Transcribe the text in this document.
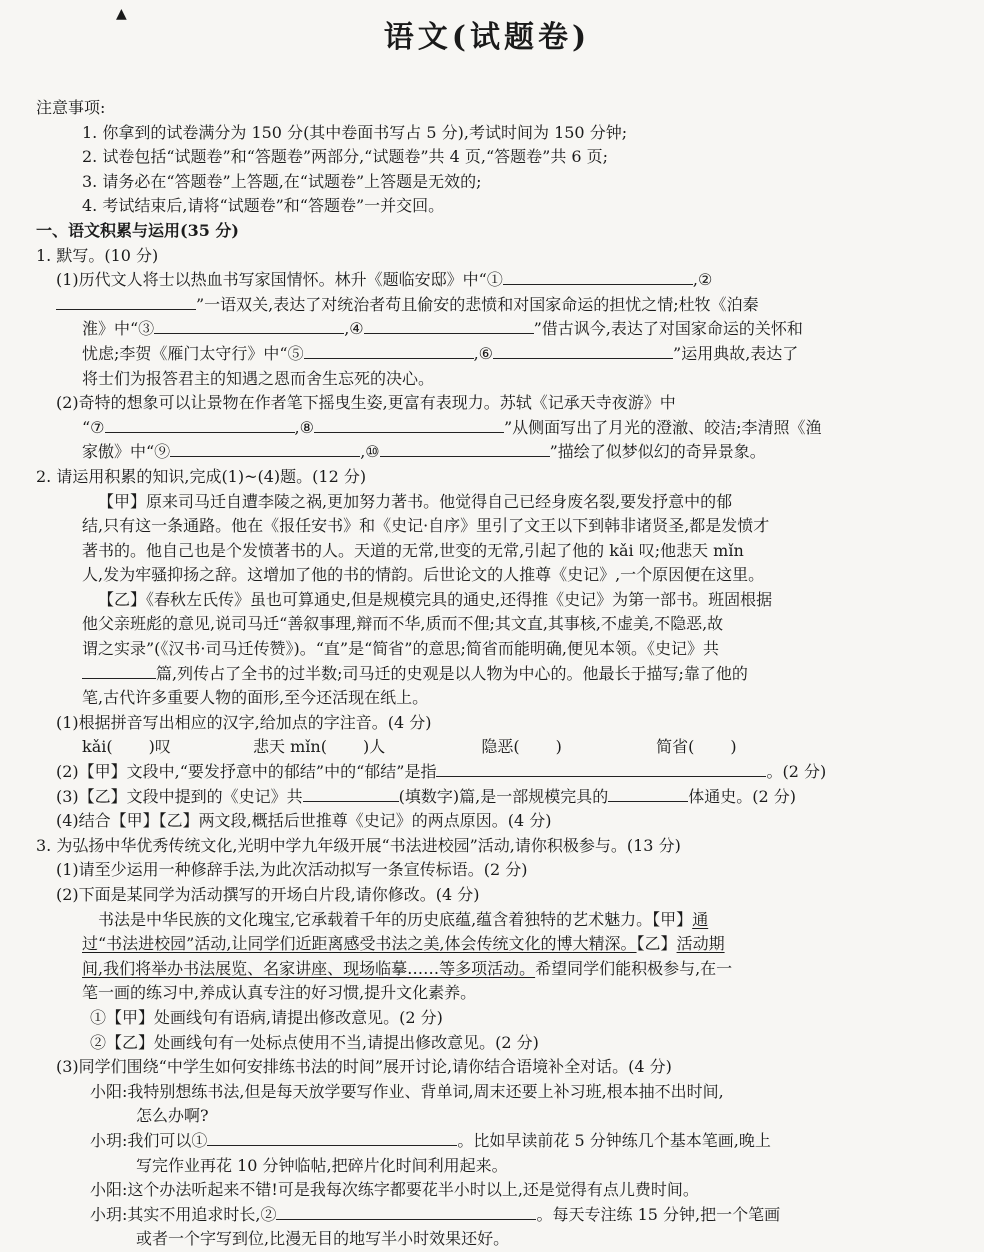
▲
语文(试题卷)
注意事项:
1. 你拿到的试卷满分为 150 分(其中卷面书写占 5 分),考试时间为 150 分钟;
2. 试卷包括“试题卷”和“答题卷”两部分,“试题卷”共 4 页,“答题卷”共 6 页;
3. 请务必在“答题卷”上答题,在“试题卷”上答题是无效的;
4. 考试结束后,请将“试题卷”和“答题卷”一并交回。
一、语文积累与运用(35 分)
1. 默写。(10 分)
(1)历代文人将士以热血书写家国情怀。林升《题临安邸》中“①	,②
”一语双关,表达了对统治者苟且偷安的悲愤和对国家命运的担忧之情;杜牧《泊秦
淮》中“③	,④	”借古讽今,表达了对国家命运的关怀和
忧虑;李贺《雁门太守行》中“⑤	,⑥	”运用典故,表达了
将士们为报答君主的知遇之恩而舍生忘死的决心。
(2)奇特的想象可以让景物在作者笔下摇曳生姿,更富有表现力。苏轼《记承天寺夜游》中
“⑦	,⑧	”从侧面写出了月光的澄澈、皎洁;李清照《渔
家傲》中“⑨	,⑩	”描绘了似梦似幻的奇异景象。
2. 请运用积累的知识,完成(1)~(4)题。(12 分)
【甲】原来司马迁自遭李陵之祸,更加努力著书。他觉得自己已经身废名裂,要发抒意中的郁
结,只有这一条通路。他在《报任安书》和《史记·自序》里引了文王以下到韩非诸贤圣,都是发愤才
著书的。他自己也是个发愤著书的人。天道的无常,世变的无常,引起了他的 kǎi 叹;他悲天 mǐn
人,发为牢骚抑扬之辞。这增加了他的书的情韵。后世论文的人推尊《史记》,一个原因便在这里。
【乙】《春秋左氏传》虽也可算通史,但是规模完具的通史,还得推《史记》为第一部书。班固根据
他父亲班彪的意见,说司马迁“善叙事理,辩而不华,质而不俚;其文直,其事核,不虚美,不隐恶,故
谓之实录”(《汉书·司马迁传赞》)。“直”是“简省”的意思;简省而能明确,便见本领。《史记》共
篇,列传占了全书的过半数;司马迁的史观是以人物为中心的。他最长于描写;靠了他的
笔,古代许多重要人物的面形,至今还活现在纸上。
(1)根据拼音写出相应的汉字,给加点的字注音。(4 分)
kǎi( )叹	悲天 mǐn( )人	隐恶( )	简省( )
(2)【甲】文段中,“要发抒意中的郁结”中的“郁结”是指	。(2 分)
(3)【乙】文段中提到的《史记》共	(填数字)篇,是一部规模完具的	体通史。(2 分)
(4)结合【甲】【乙】两文段,概括后世推尊《史记》的两点原因。(4 分)
3. 为弘扬中华优秀传统文化,光明中学九年级开展“书法进校园”活动,请你积极参与。(13 分)
(1)请至少运用一种修辞手法,为此次活动拟写一条宣传标语。(2 分)
(2)下面是某同学为活动撰写的开场白片段,请你修改。(4 分)
书法是中华民族的文化瑰宝,它承载着千年的历史底蕴,蕴含着独特的艺术魅力。【甲】通
过“书法进校园”活动,让同学们近距离感受书法之美,体会传统文化的博大精深。【乙】活动期
间,我们将举办书法展览、名家讲座、现场临摹……等多项活动。希望同学们能积极参与,在一
笔一画的练习中,养成认真专注的好习惯,提升文化素养。
①【甲】处画线句有语病,请提出修改意见。(2 分)
②【乙】处画线句有一处标点使用不当,请提出修改意见。(2 分)
(3)同学们围绕“中学生如何安排练书法的时间”展开讨论,请你结合语境补全对话。(4 分)
小阳:我特别想练书法,但是每天放学要写作业、背单词,周末还要上补习班,根本抽不出时间,
怎么办啊?
小玥:我们可以①	。比如早读前花 5 分钟练几个基本笔画,晚上
写完作业再花 10 分钟临帖,把碎片化时间利用起来。
小阳:这个办法听起来不错!可是我每次练字都要花半小时以上,还是觉得有点儿费时间。
小玥:其实不用追求时长,②	。每天专注练 15 分钟,把一个笔画
或者一个字写到位,比漫无目的地写半小时效果还好。
